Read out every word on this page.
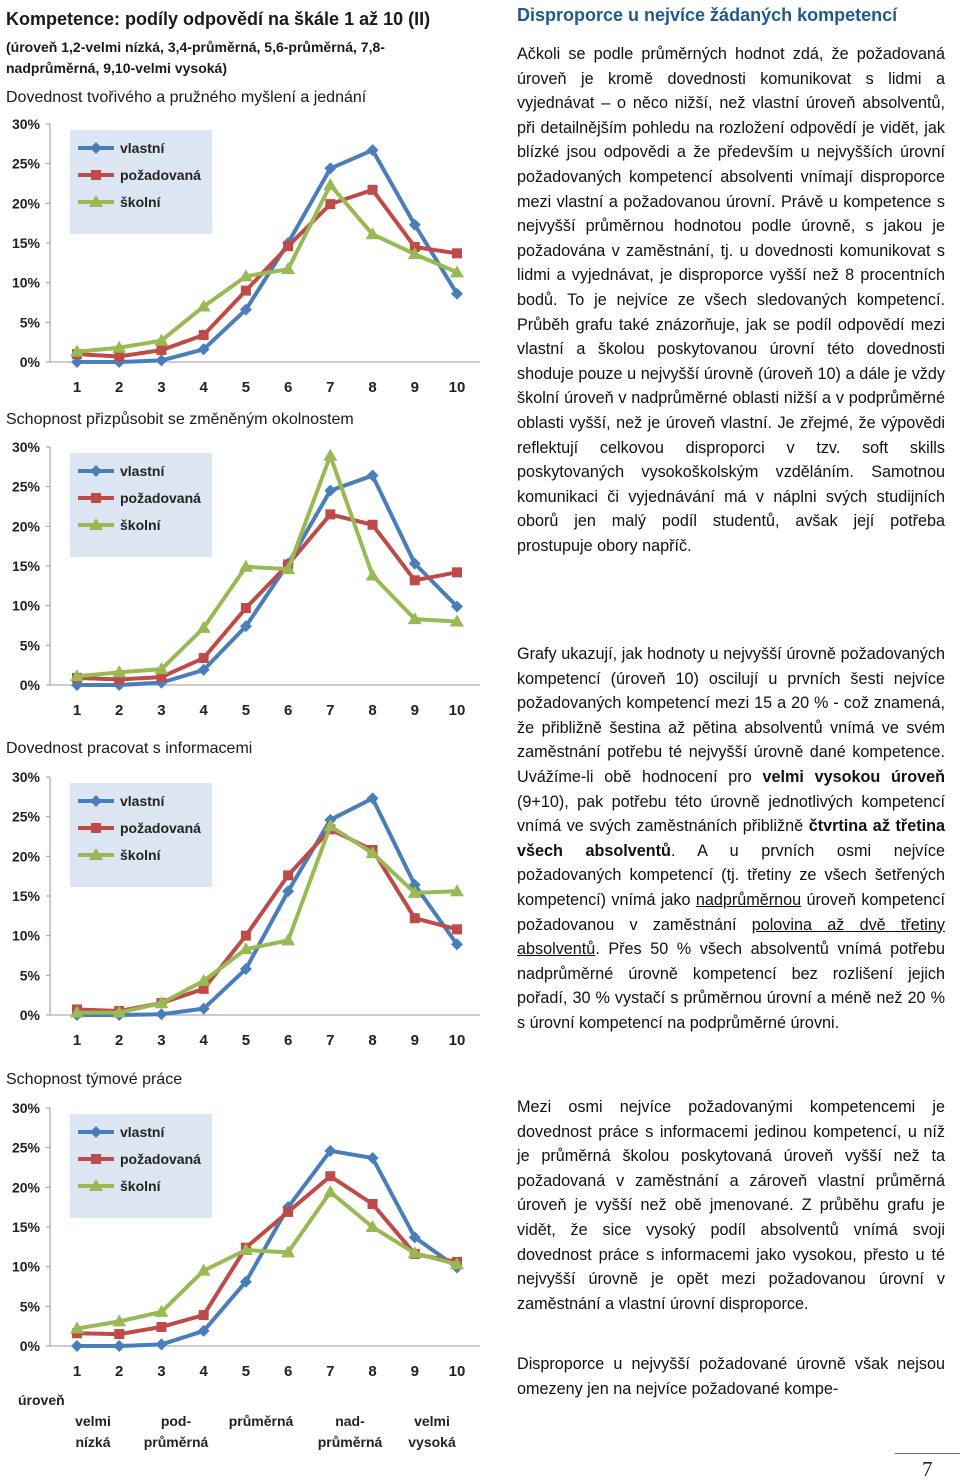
Kompetence: podíly odpovědí na škále 1 až 10 (II)
(úroveň 1,2-velmi nízká, 3,4-průměrná, 5,6-průměrná, 7,8-nadprůměrná, 9,10-velmi vysoká)
Dovednost tvořivého a pružného myšlení a jednání
0%
5%
10%
15%
20%
25%
30%
1 2 3 4 5 6 7 8 9 10
vlastní
požadovaná
školní
Schopnost přizpůsobit se změněným okolnostem
0%
5%
10%
15%
20%
25%
30%
1 2 3 4 5 6 7 8 9 10
vlastní
požadovaná
školní
Dovednost pracovat s informacemi
0%
5%
10%
15%
20%
25%
30%
1 2 3 4 5 6 7 8 9 10
vlastní
požadovaná
školní
Schopnost týmové práce
0%
5%
10%
15%
20%
25%
30%
1 2 3 4 5 6 7 8 9 10
úroveň
velmi nízká
pod-průměrná
průměrná	nad-průměrná
velmi vysoká
vlastní
požadovaná
školní
Disproporce u nejvíce žádaných kompetencí

Ačkoli se podle průměrných hodnot zdá, že požadovaná úroveň je kromě dovednosti komunikovat s lidmi a vyjednávat – o něco nižší, než vlastní úroveň absolventů, při detailnějším pohledu na rozložení odpovědí je vidět, jak blízké jsou odpovědi a že především u nejvyšších úrovní požadovaných kompetencí absolventi vnímají disproporce mezi vlastní a požadovanou úrovní. Právě u kompetence s nejvyšší průměrnou hodnotou podle úrovně, s jakou je požadována v zaměstnání, tj. u dovednosti komunikovat s lidmi a vyjednávat, je disproporce vyšší než 8 procentních bodů. To je nejvíce ze všech sledovaných kompetencí. Průběh grafu také znázorňuje, jak se podíl odpovědí mezi vlastní a školou poskytovanou úrovní této dovednosti shoduje pouze u nejvyšší úrovně (úroveň 10) a dále je vždy školní úroveň v nadprůměrné oblasti nižší a v podprůměrné oblasti vyšší, než je úroveň vlastní. Je zřejmé, že výpovědi reflektují celkovou disproporci v tzv. soft skills poskytovaných vysokoškolským vzděláním. Samotnou komunikaci či vyjednávání má v náplni svých studijních oborů jen malý podíl studentů, avšak její potřeba prostupuje obory napříč.

Grafy ukazují, jak hodnoty u nejvyšší úrovně požadovaných kompetencí (úroveň 10) oscilují u prvních šesti nejvíce požadovaných kompetencí mezi 15 a 20 % - což znamená, že přibližně šestina až pětina absolventů vnímá ve svém zaměstnání potřebu té nejvyšší úrovně dané kompetence. Uvážíme-li obě hodnocení pro velmi vysokou úroveň (9+10), pak potřebu této úrovně jednotlivých kompetencí vnímá ve svých zaměstnáních přibližně čtvrtina až třetina všech absolventů. A u prvních osmi nejvíce požadovaných kompetencí (tj. třetiny ze všech šetřených kompetencí) vnímá jako nadprůměrnou úroveň kompetencí požadovanou v zaměstnání polovina až dvě třetiny absolventů. Přes 50 % všech absolventů vnímá potřebu nadprůměrné úrovně kompetencí bez rozlišení jejich pořadí, 30 % vystačí s průměrnou úrovní a méně než 20 % s úrovní kompetencí na podprůměrné úrovni.

Mezi osmi nejvíce požadovanými kompetencemi je dovednost práce s informacemi jedinou kompetencí, u níž je průměrná školou poskytovaná úroveň vyšší než ta požadovaná v zaměstnání a zároveň vlastní průměrná úroveň je vyšší než obě jmenované. Z průběhu grafu je vidět, že sice vysoký podíl absolventů vnímá svoji dovednost práce s informacemi jako vysokou, přesto u té nejvyšší úrovně je opět mezi požadovanou úrovní v zaměstnání a vlastní úrovní disproporce.

Disproporce u nejvyšší požadované úrovně však nejsou omezeny jen na nejvíce požadované kompe-

7
